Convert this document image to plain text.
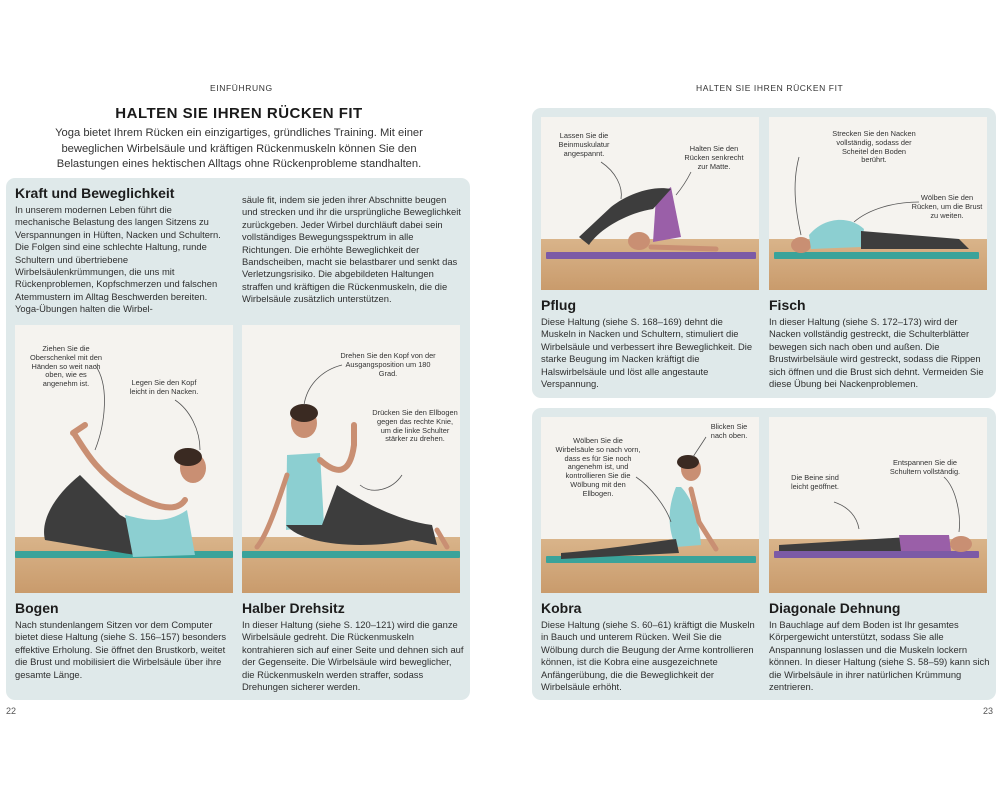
EINFÜHRUNG
HALTEN SIE IHREN RÜCKEN FIT
Yoga bietet Ihrem Rücken ein einzigartiges, gründliches Training. Mit einer beweglichen Wirbelsäule und kräftigen Rückenmuskeln können Sie den Belastungen eines hektischen Alltags ohne Rückenprobleme standhalten.
Kraft und Beweglichkeit
In unserem modernen Leben führt die mechanische Belastung des langen Sitzens zu Verspannungen in Hüften, Nacken und Schultern. Die Folgen sind eine schlechte Haltung, runde Schultern und übertriebene Wirbelsäulenkrümmungen, die uns mit Rückenproblemen, Kopfschmerzen und falschen Atemmustern im Alltag Beschwerden bereiten. Yoga-Übungen halten die Wirbel-
säule fit, indem sie jeden ihrer Abschnitte beugen und strecken und ihr die ursprüngliche Beweglichkeit zurückgeben. Jeder Wirbel durchläuft dabei sein vollständiges Bewegungsspektrum in alle Richtungen. Die erhöhte Beweglichkeit der Bandscheiben, macht sie belastbarer und senkt das Verletzungsrisiko. Die abgebildeten Haltungen straffen und kräftigen die Rückenmuskeln, die die Wirbelsäule zusätzlich unterstützen.
Ziehen Sie die Oberschenkel mit den Händen so weit nach oben, wie es angenehm ist.	Legen Sie den Kopf leicht in den Nacken.
Drehen Sie den Kopf von der Ausgangsposition um 180 Grad.
Drücken Sie den Ellbogen gegen das rechte Knie, um die linke Schulter stärker zu drehen.
Bogen
Nach stundenlangem Sitzen vor dem Computer bietet diese Haltung (siehe S. 156–157) besonders effektive Erholung. Sie öffnet den Brustkorb, weitet die Brust und mobilisiert die Wirbelsäule über ihre gesamte Länge.
Halber Drehsitz
In dieser Haltung (siehe S. 120–121) wird die ganze Wirbelsäule gedreht. Die Rückenmuskeln kontrahieren sich auf einer Seite und dehnen sich auf der Gegenseite. Die Wirbelsäule wird beweglicher, die Rückenmuskeln werden straffer, sodass Drehungen sicherer werden.
22
HALTEN SIE IHREN RÜCKEN FIT
Lassen Sie die Beinmuskulatur angespannt.
Halten Sie den Rücken senkrecht zur Matte.
Strecken Sie den Nacken vollständig, sodass der Scheitel den Boden berührt.
Wölben Sie den Rücken, um die Brust zu weiten.
Pflug
Diese Haltung (siehe S. 168–169) dehnt die Muskeln in Nacken und Schultern, stimuliert die Wirbelsäule und verbessert ihre Beweglichkeit. Die starke Beugung im Nacken kräftigt die Halswirbelsäule und löst alle angestaute Verspannung.
Fisch
In dieser Haltung (siehe S. 172–173) wird der Nacken vollständig gestreckt, die Schulterblätter bewegen sich nach oben und außen. Die Brustwirbelsäule wird gestreckt, sodass die Rippen sich öffnen und die Brust sich dehnt. Vermeiden Sie diese Übung bei Nackenproblemen.
Wölben Sie die Wirbelsäule so nach vorn, dass es für Sie noch angenehm ist, und kontrollieren Sie die Wölbung mit den Ellbogen.
Blicken Sie nach oben.
Die Beine sind leicht geöffnet.
Entspannen Sie die Schultern vollständig.
Kobra
Diese Haltung (siehe S. 60–61) kräftigt die Muskeln in Bauch und unterem Rücken. Weil Sie die Wölbung durch die Beugung der Arme kontrollieren können, ist die Kobra eine ausgezeichnete Anfängerübung, die die Beweglichkeit der Wirbelsäule erhöht.
Diagonale Dehnung
In Bauchlage auf dem Boden ist Ihr gesamtes Körpergewicht unterstützt, sodass Sie alle Anspannung loslassen und die Muskeln lockern können. In dieser Haltung (siehe S. 58–59) kann sich die Wirbelsäule in ihrer natürlichen Krümmung zentrieren.
23
